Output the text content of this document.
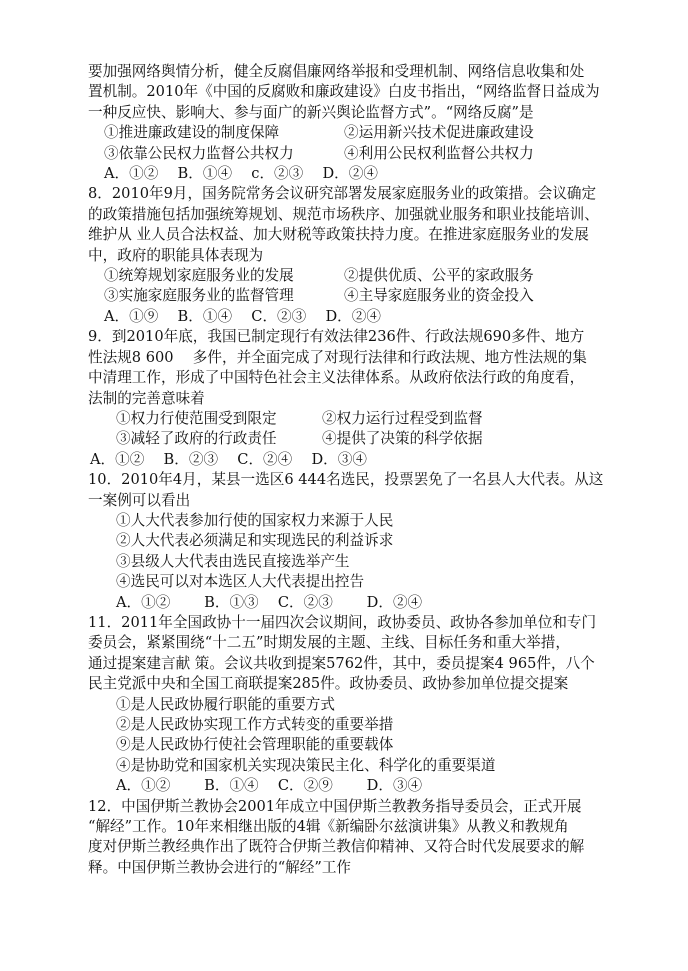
要加强网络舆情分析，健全反腐倡廉网络举报和受理机制、网络信息收集和处
置机制。2010年《中国的反腐败和廉政建设》白皮书指出，“网络监督日益成为
一种反应快、影响大、参与面广的新兴舆论监督方式”。“网络反腐”是
①推进廉政建设的制度保障	②运用新兴技术促进廉政建设
③依靠公民权力监督公共权力	④利用公民权利监督公共权力
A．①②　 B．①④　 c．②③　 D．②④
8．2010年9月，国务院常务会议研究部署发展家庭服务业的政策措。会议确定
的政策措施包括加强统筹规划、规范市场秩序、加强就业服务和职业技能培训、
维护从 业人员合法权益、加大财税等政策扶持力度。在推进家庭服务业的发展
中，政府的职能具体表现为
①统筹规划家庭服务业的发展	②提供优质、公平的家政服务
③实施家庭服务业的监督管理	④主导家庭服务业的资金投入
A．①⑨　 B．①④　 C．②③　 D．②④
9．到2010年底，我国已制定现行有效法律236件、行政法规690多件、地方
性法规8 600　 多件，并全面完成了对现行法律和行政法规、地方性法规的集
中清理工作，形成了中国特色社会主义法律体系。从政府依法行政的角度看，
法制的完善意味着
①权力行使范围受到限定	②权力运行过程受到监督
③减轻了政府的行政责任	④提供了决策的科学依据
A．①②　 B．②③　 C．②④　 D．③④
10．2010年4月，某县一选区6 444名选民，投票罢免了一名县人大代表。从这
一案例可以看出
①人大代表参加行使的国家权力来源于人民
②人大代表必须满足和实现选民的利益诉求
③县级人大代表由选民直接选举产生
④选民可以对本选区人大代表提出控告
A．①②　　 B．①③　 C．②③　　 D．②④
11．2011年全国政协十一届四次会议期间，政协委员、政协各参加单位和专门
委员会，紧紧围绕“十二五”时期发展的主题、主线、目标任务和重大举措，
通过提案建言献 策。会议共收到提案5762件，其中，委员提案4 965件，八个
民主党派中央和全国工商联提案285件。政协委员、政协参加单位提交提案
①是人民政协履行职能的重要方式
②是人民政协实现工作方式转变的重要举措
⑨是人民政协行使社会管理职能的重要载体
④是协助党和国家机关实现决策民主化、科学化的重要渠道
A．①②　　 B．①④　 C．②⑨　　 D．③④
12．中国伊斯兰教协会2001年成立中国伊斯兰教教务指导委员会，正式开展
“解经”工作。10年来相继出版的4辑《新编卧尔兹演讲集》从教义和教规角
度对伊斯兰教经典作出了既符合伊斯兰教信仰精神、又符合时代发展要求的解
释。中国伊斯兰教协会进行的“解经”工作
